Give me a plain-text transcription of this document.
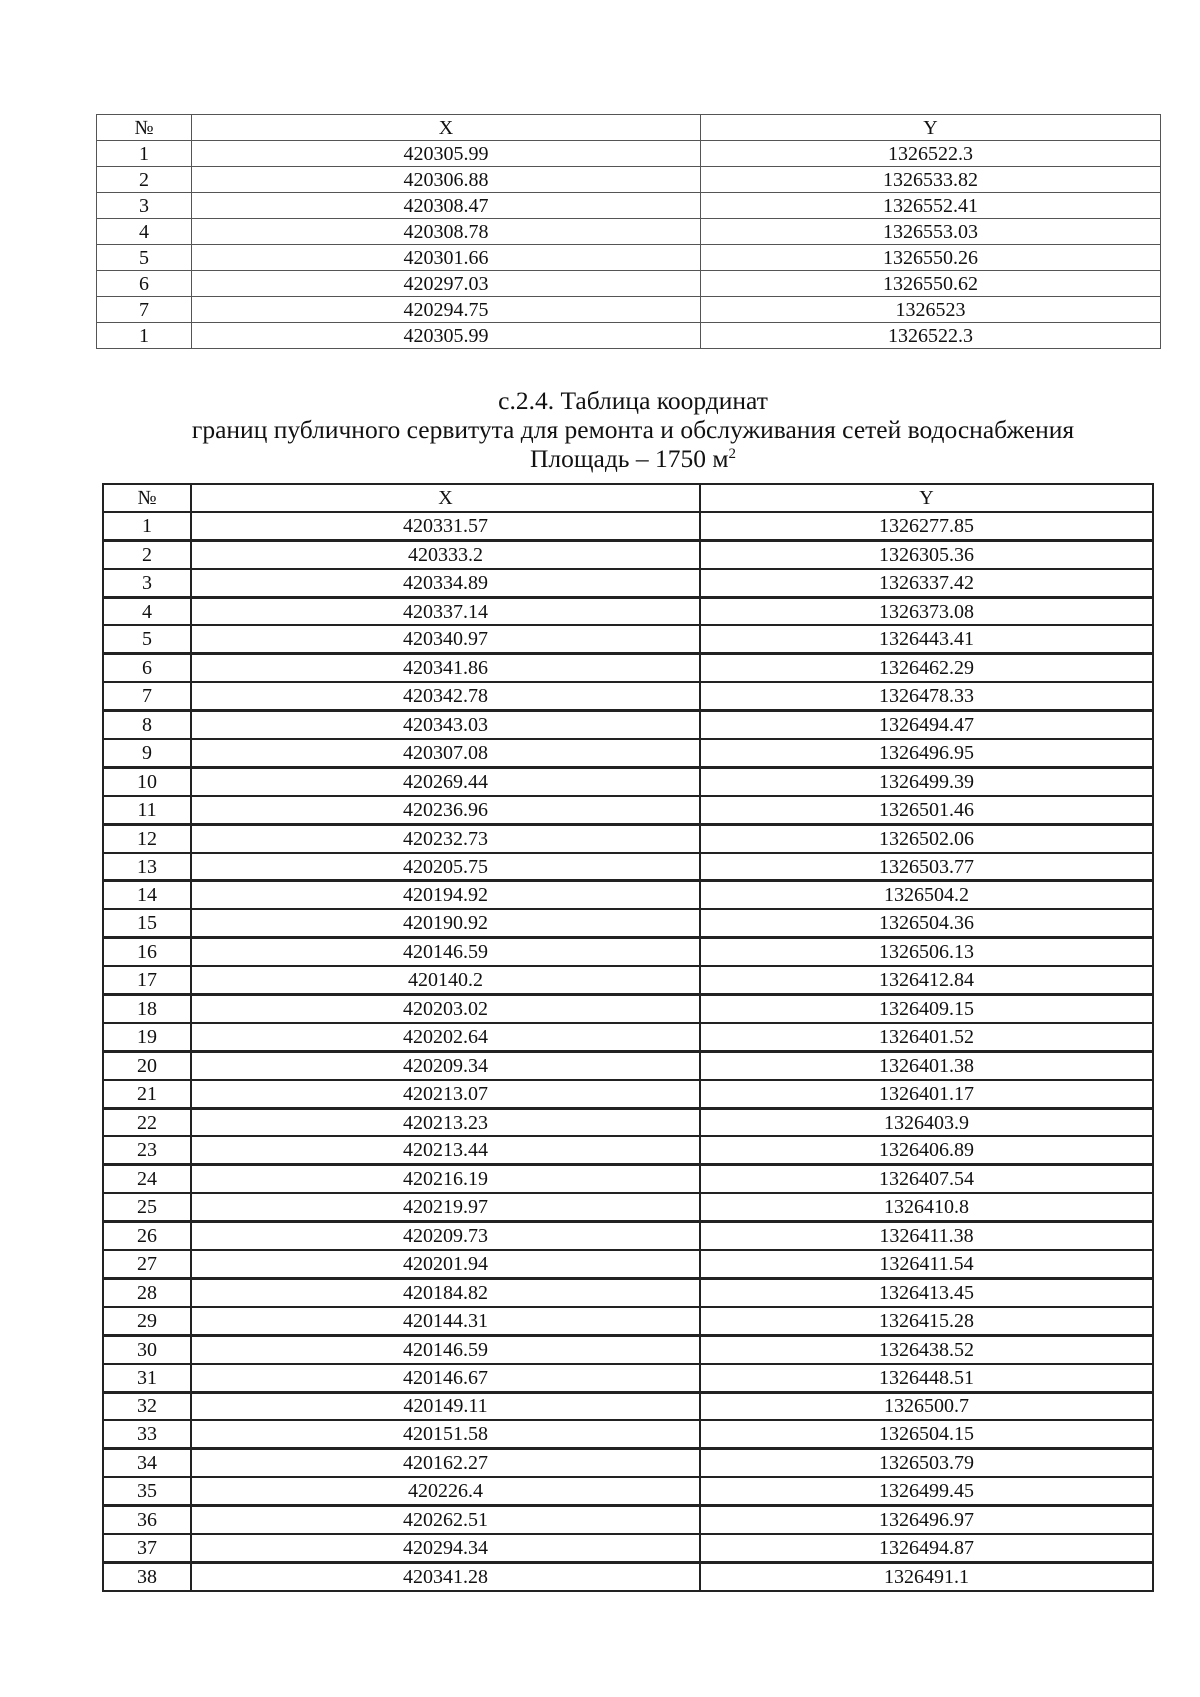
№	X	Y
1	420305.99	1326522.3
2	420306.88	1326533.82
3	420308.47	1326552.41
4	420308.78	1326553.03
5	420301.66	1326550.26
6	420297.03	1326550.62
7	420294.75	1326523
1	420305.99	1326522.3
с.2.4. Таблица координат
границ публичного сервитута для ремонта и обслуживания сетей водоснабжения
Площадь – 1750 $м^2$
№	X	Y
1	420331.57	1326277.85
2	420333.2	1326305.36
3	420334.89	1326337.42
4	420337.14	1326373.08
5	420340.97	1326443.41
6	420341.86	1326462.29
7	420342.78	1326478.33
8	420343.03	1326494.47
9	420307.08	1326496.95
10	420269.44	1326499.39
11	420236.96	1326501.46
12	420232.73	1326502.06
13	420205.75	1326503.77
14	420194.92	1326504.2
15	420190.92	1326504.36
16	420146.59	1326506.13
17	420140.2	1326412.84
18	420203.02	1326409.15
19	420202.64	1326401.52
20	420209.34	1326401.38
21	420213.07	1326401.17
22	420213.23	1326403.9
23	420213.44	1326406.89
24	420216.19	1326407.54
25	420219.97	1326410.8
26	420209.73	1326411.38
27	420201.94	1326411.54
28	420184.82	1326413.45
29	420144.31	1326415.28
30	420146.59	1326438.52
31	420146.67	1326448.51
32	420149.11	1326500.7
33	420151.58	1326504.15
34	420162.27	1326503.79
35	420226.4	1326499.45
36	420262.51	1326496.97
37	420294.34	1326494.87
38	420341.28	1326491.1
